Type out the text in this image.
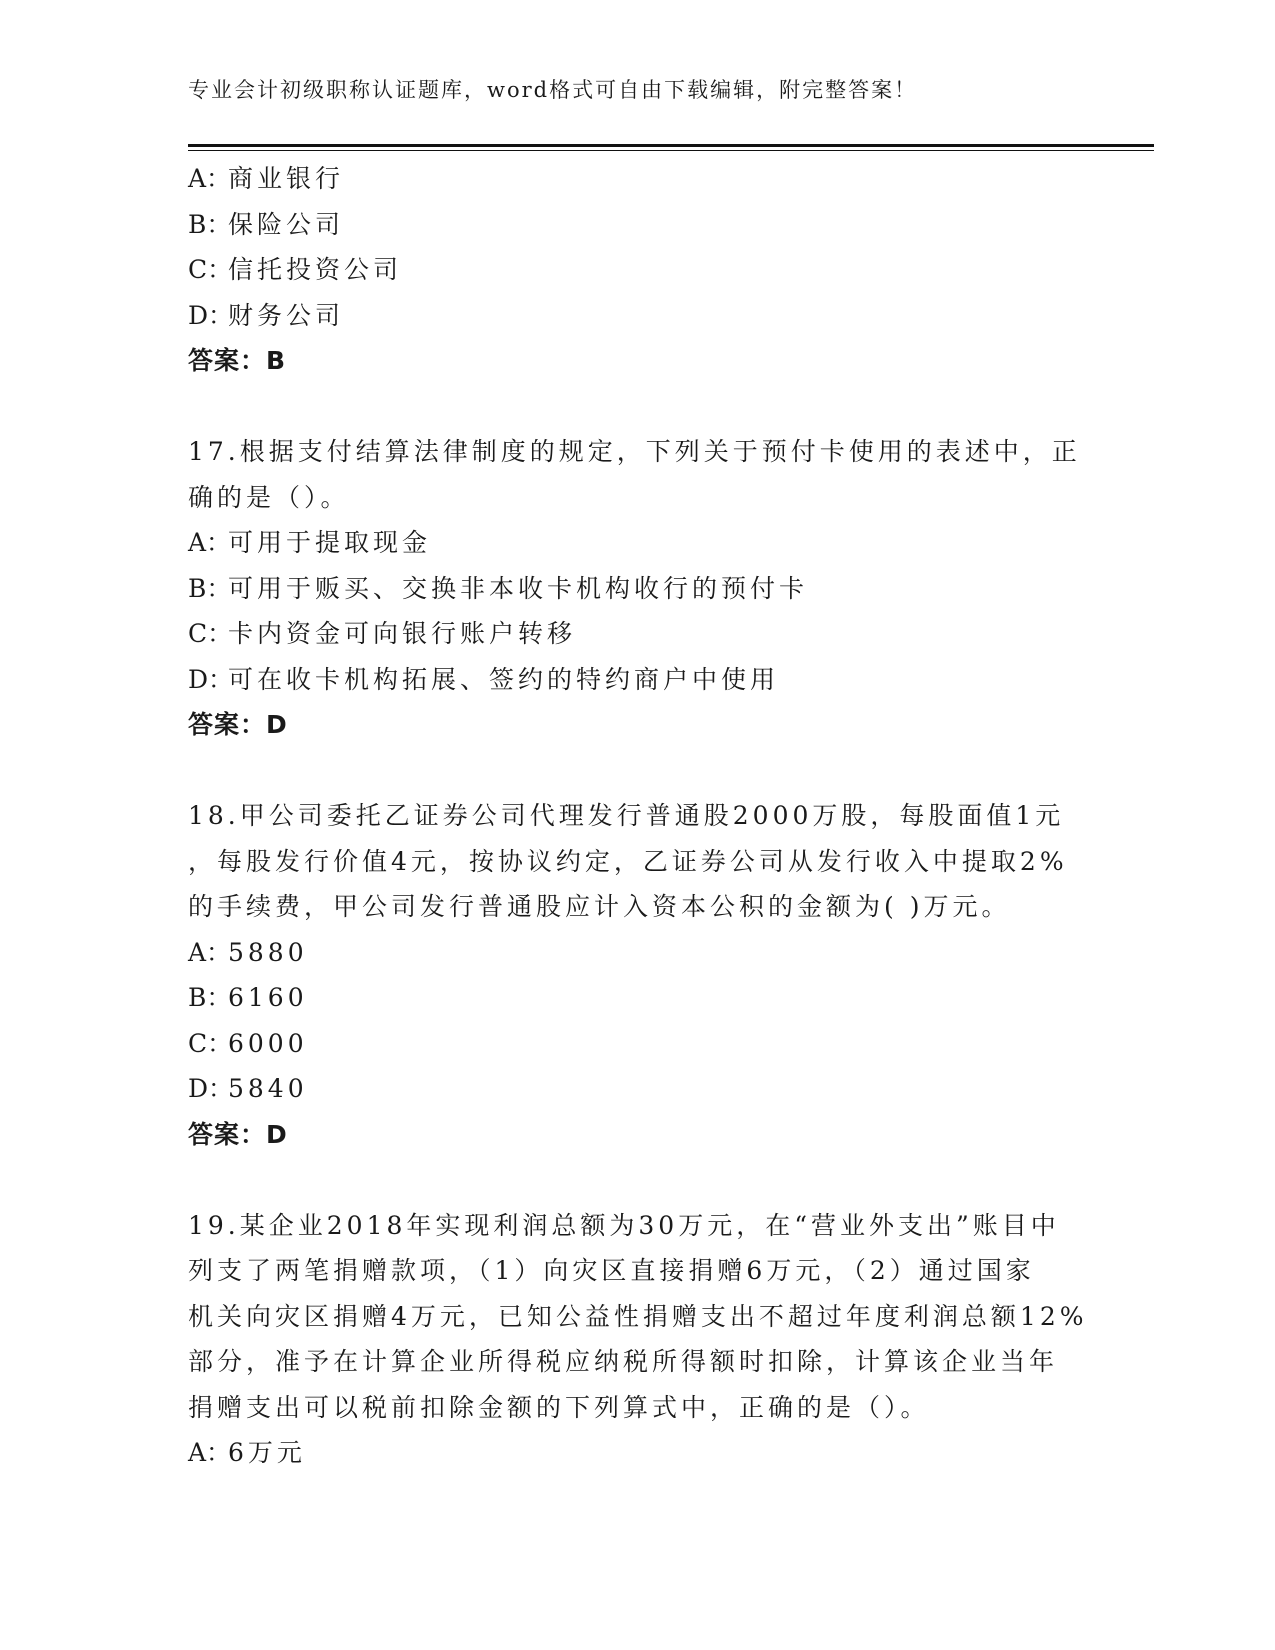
专业会计初级职称认证题库，word格式可自由下载编辑，附完整答案！
A：商业银行
B：保险公司
C：信托投资公司
D：财务公司
答案：B
17.根据支付结算法律制度的规定，下列关于预付卡使用的表述中，正
确的是（）。
A：可用于提取现金
B：可用于贩买、交换非本收卡机构收行的预付卡
C：卡内资金可向银行账户转移
D：可在收卡机构拓展、签约的特约商户中使用
答案：D
18.甲公司委托乙证券公司代理发行普通股2000万股，每股面值1元
，每股发行价值4元，按协议约定，乙证券公司从发行收入中提取2%
的手续费，甲公司发行普通股应计入资本公积的金额为( )万元。
A：5880
B：6160
C：6000
D：5840
答案：D
19.某企业2018年实现利润总额为30万元，在“营业外支出”账目中
列支了两笔捐赠款项，（1）向灾区直接捐赠6万元，（2）通过国家
机关向灾区捐赠4万元，已知公益性捐赠支出不超过年度利润总额12%
部分，准予在计算企业所得税应纳税所得额时扣除，计算该企业当年
捐赠支出可以税前扣除金额的下列算式中，正确的是（）。
A：6万元
